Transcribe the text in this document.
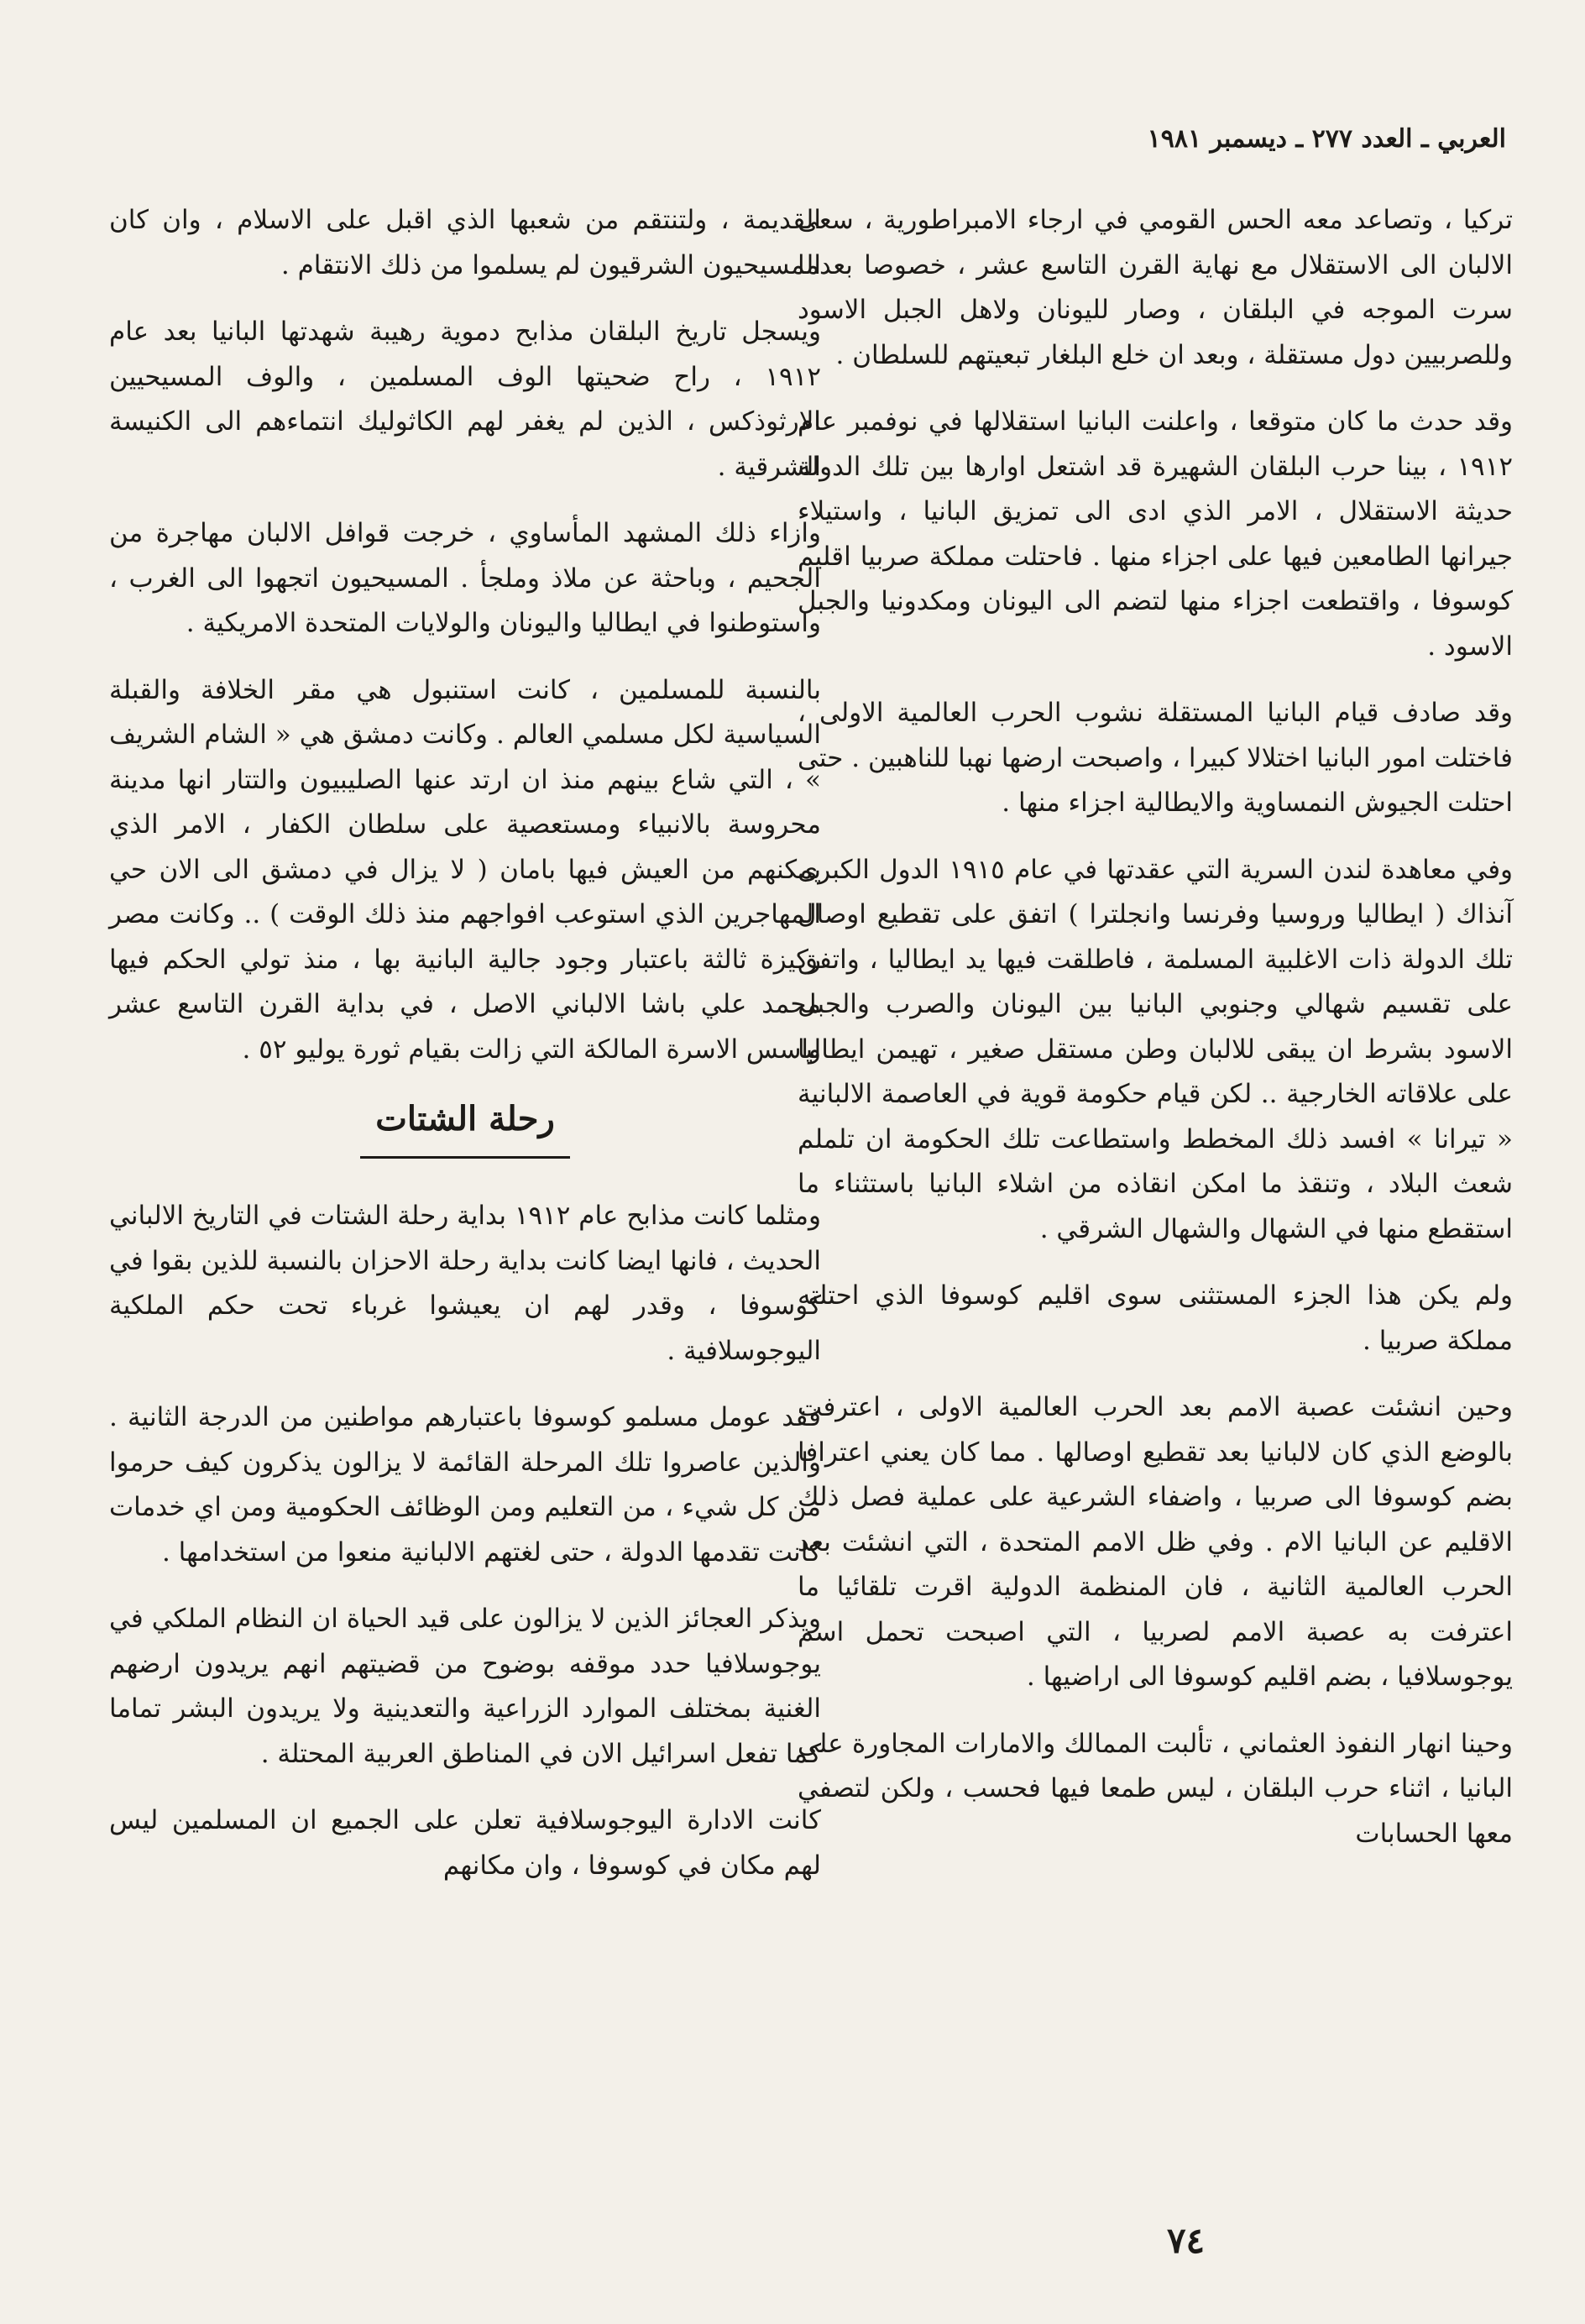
العربي ـ العدد ٢٧٧ ـ ديسمبر ١٩٨١

تركيا ، وتصاعد معه الحس القومي في ارجاء الامبراطورية ، سعى الالبان الى الاستقلال مع نهاية القرن التاسع عشر ، خصوصا بعدما سرت الموجه في البلقان ، وصار لليونان ولاهل الجبل الاسود وللصربيين دول مستقلة ، وبعد ان خلع البلغار تبعيتهم للسلطان .

وقد حدث ما كان متوقعا ، واعلنت البانيا استقلالها في نوفمبر عام ١٩١٢ ، بينا حرب البلقان الشهيرة قد اشتعل اوارها بين تلك الدولة حديثة الاستقلال ، الامر الذي ادى الى تمزيق البانيا ، واستيلاء جيرانها الطامعين فيها على اجزاء منها . فاحتلت مملكة صربيا اقليم كوسوفا ، واقتطعت اجزاء منها لتضم الى اليونان ومكدونيا والجبل الاسود .

وقد صادف قيام البانيا المستقلة نشوب الحرب العالمية الاولى ، فاختلت امور البانيا اختلالا كبيرا ، واصبحت ارضها نهبا للناهبين . حتى احتلت الجيوش النمساوية والايطالية اجزاء منها .

وفي معاهدة لندن السرية التي عقدتها في عام ١٩١٥ الدول الكبرى آنذاك ( ايطاليا وروسيا وفرنسا وانجلترا ) اتفق على تقطيع اوصال تلك الدولة ذات الاغلبية المسلمة ، فاطلقت فيها يد ايطاليا ، واتفق على تقسيم شهالي وجنوبي البانيا بين اليونان والصرب والجبل الاسود بشرط ان يبقى للالبان وطن مستقل صغير ، تهيمن ايطاليا على علاقاته الخارجية .. لكن قيام حكومة قوية في العاصمة الالبانية « تيرانا » افسد ذلك المخطط واستطاعت تلك الحكومة ان تلملم شعث البلاد ، وتنقذ ما امكن انقاذه من اشلاء البانيا باستثناء ما استقطع منها في الشهال والشهال الشرقي .

ولم يكن هذا الجزء المستثنى سوى اقليم كوسوفا الذي احتلته مملكة صربيا .

وحين انشئت عصبة الامم بعد الحرب العالمية الاولى ، اعترفت بالوضع الذي كان لالبانيا بعد تقطيع اوصالها . مما كان يعني اعترافا بضم كوسوفا الى صربيا ، واضفاء الشرعية على عملية فصل ذلك الاقليم عن البانيا الام . وفي ظل الامم المتحدة ، التي انشئت بعد الحرب العالمية الثانية ، فان المنظمة الدولية اقرت تلقائيا ما اعترفت به عصبة الامم لصربيا ، التي اصبحت تحمل اسم يوجوسلافيا ، بضم اقليم كوسوفا الى اراضيها .

وحينا انهار النفوذ العثماني ، تألبت الممالك والامارات المجاورة على البانيا ، اثناء حرب البلقان ، ليس طمعا فيها فحسب ، ولكن لتصفي معها الحسابات

القديمة ، ولتنتقم من شعبها الذي اقبل على الاسلام ، وان كان المسيحيون الشرقيون لم يسلموا من ذلك الانتقام .

ويسجل تاريخ البلقان مذابح دموية رهيبة شهدتها البانيا بعد عام ١٩١٢ ، راح ضحيتها الوف المسلمين ، والوف المسيحيين الارثوذكس ، الذين لم يغفر لهم الكاثوليك انتماءهم الى الكنيسة الشرقية .

وازاء ذلك المشهد المأساوي ، خرجت قوافل الالبان مهاجرة من الجحيم ، وباحثة عن ملاذ وملجأ . المسيحيون اتجهوا الى الغرب ، واستوطنوا في ايطاليا واليونان والولايات المتحدة الامريكية .

بالنسبة للمسلمين ، كانت استنبول هي مقر الخلافة والقبلة السياسية لكل مسلمي العالم . وكانت دمشق هي « الشام الشريف » ، التي شاع بينهم منذ ان ارتد عنها الصليبيون والتتار انها مدينة محروسة بالانبياء ومستعصية على سلطان الكفار ، الامر الذي يمكنهم من العيش فيها بامان ( لا يزال في دمشق الى الان حي المهاجرين الذي استوعب افواجهم منذ ذلك الوقت ) .. وكانت مصر ركيزة ثالثة باعتبار وجود جالية البانية بها ، منذ تولي الحكم فيها محمد علي باشا الالباني الاصل ، في بداية القرن التاسع عشر واسس الاسرة المالكة التي زالت بقيام ثورة يوليو ٥٢ .

رحلة الشتات

ومثلما كانت مذابح عام ١٩١٢ بداية رحلة الشتات في التاريخ الالباني الحديث ، فانها ايضا كانت بداية رحلة الاحزان بالنسبة للذين بقوا في كوسوفا ، وقدر لهم ان يعيشوا غرباء تحت حكم الملكية اليوجوسلافية .

فقد عومل مسلمو كوسوفا باعتبارهم مواطنين من الدرجة الثانية . والذين عاصروا تلك المرحلة القائمة لا يزالون يذكرون كيف حرموا من كل شيء ، من التعليم ومن الوظائف الحكومية ومن اي خدمات كانت تقدمها الدولة ، حتى لغتهم الالبانية منعوا من استخدامها .

ويذكر العجائز الذين لا يزالون على قيد الحياة ان النظام الملكي في يوجوسلافيا حدد موقفه بوضوح من قضيتهم انهم يريدون ارضهم الغنية بمختلف الموارد الزراعية والتعدينية ولا يريدون البشر تماما كما تفعل اسرائيل الان في المناطق العربية المحتلة .

كانت الادارة اليوجوسلافية تعلن على الجميع ان المسلمين ليس لهم مكان في كوسوفا ، وان مكانهم

٧٤
